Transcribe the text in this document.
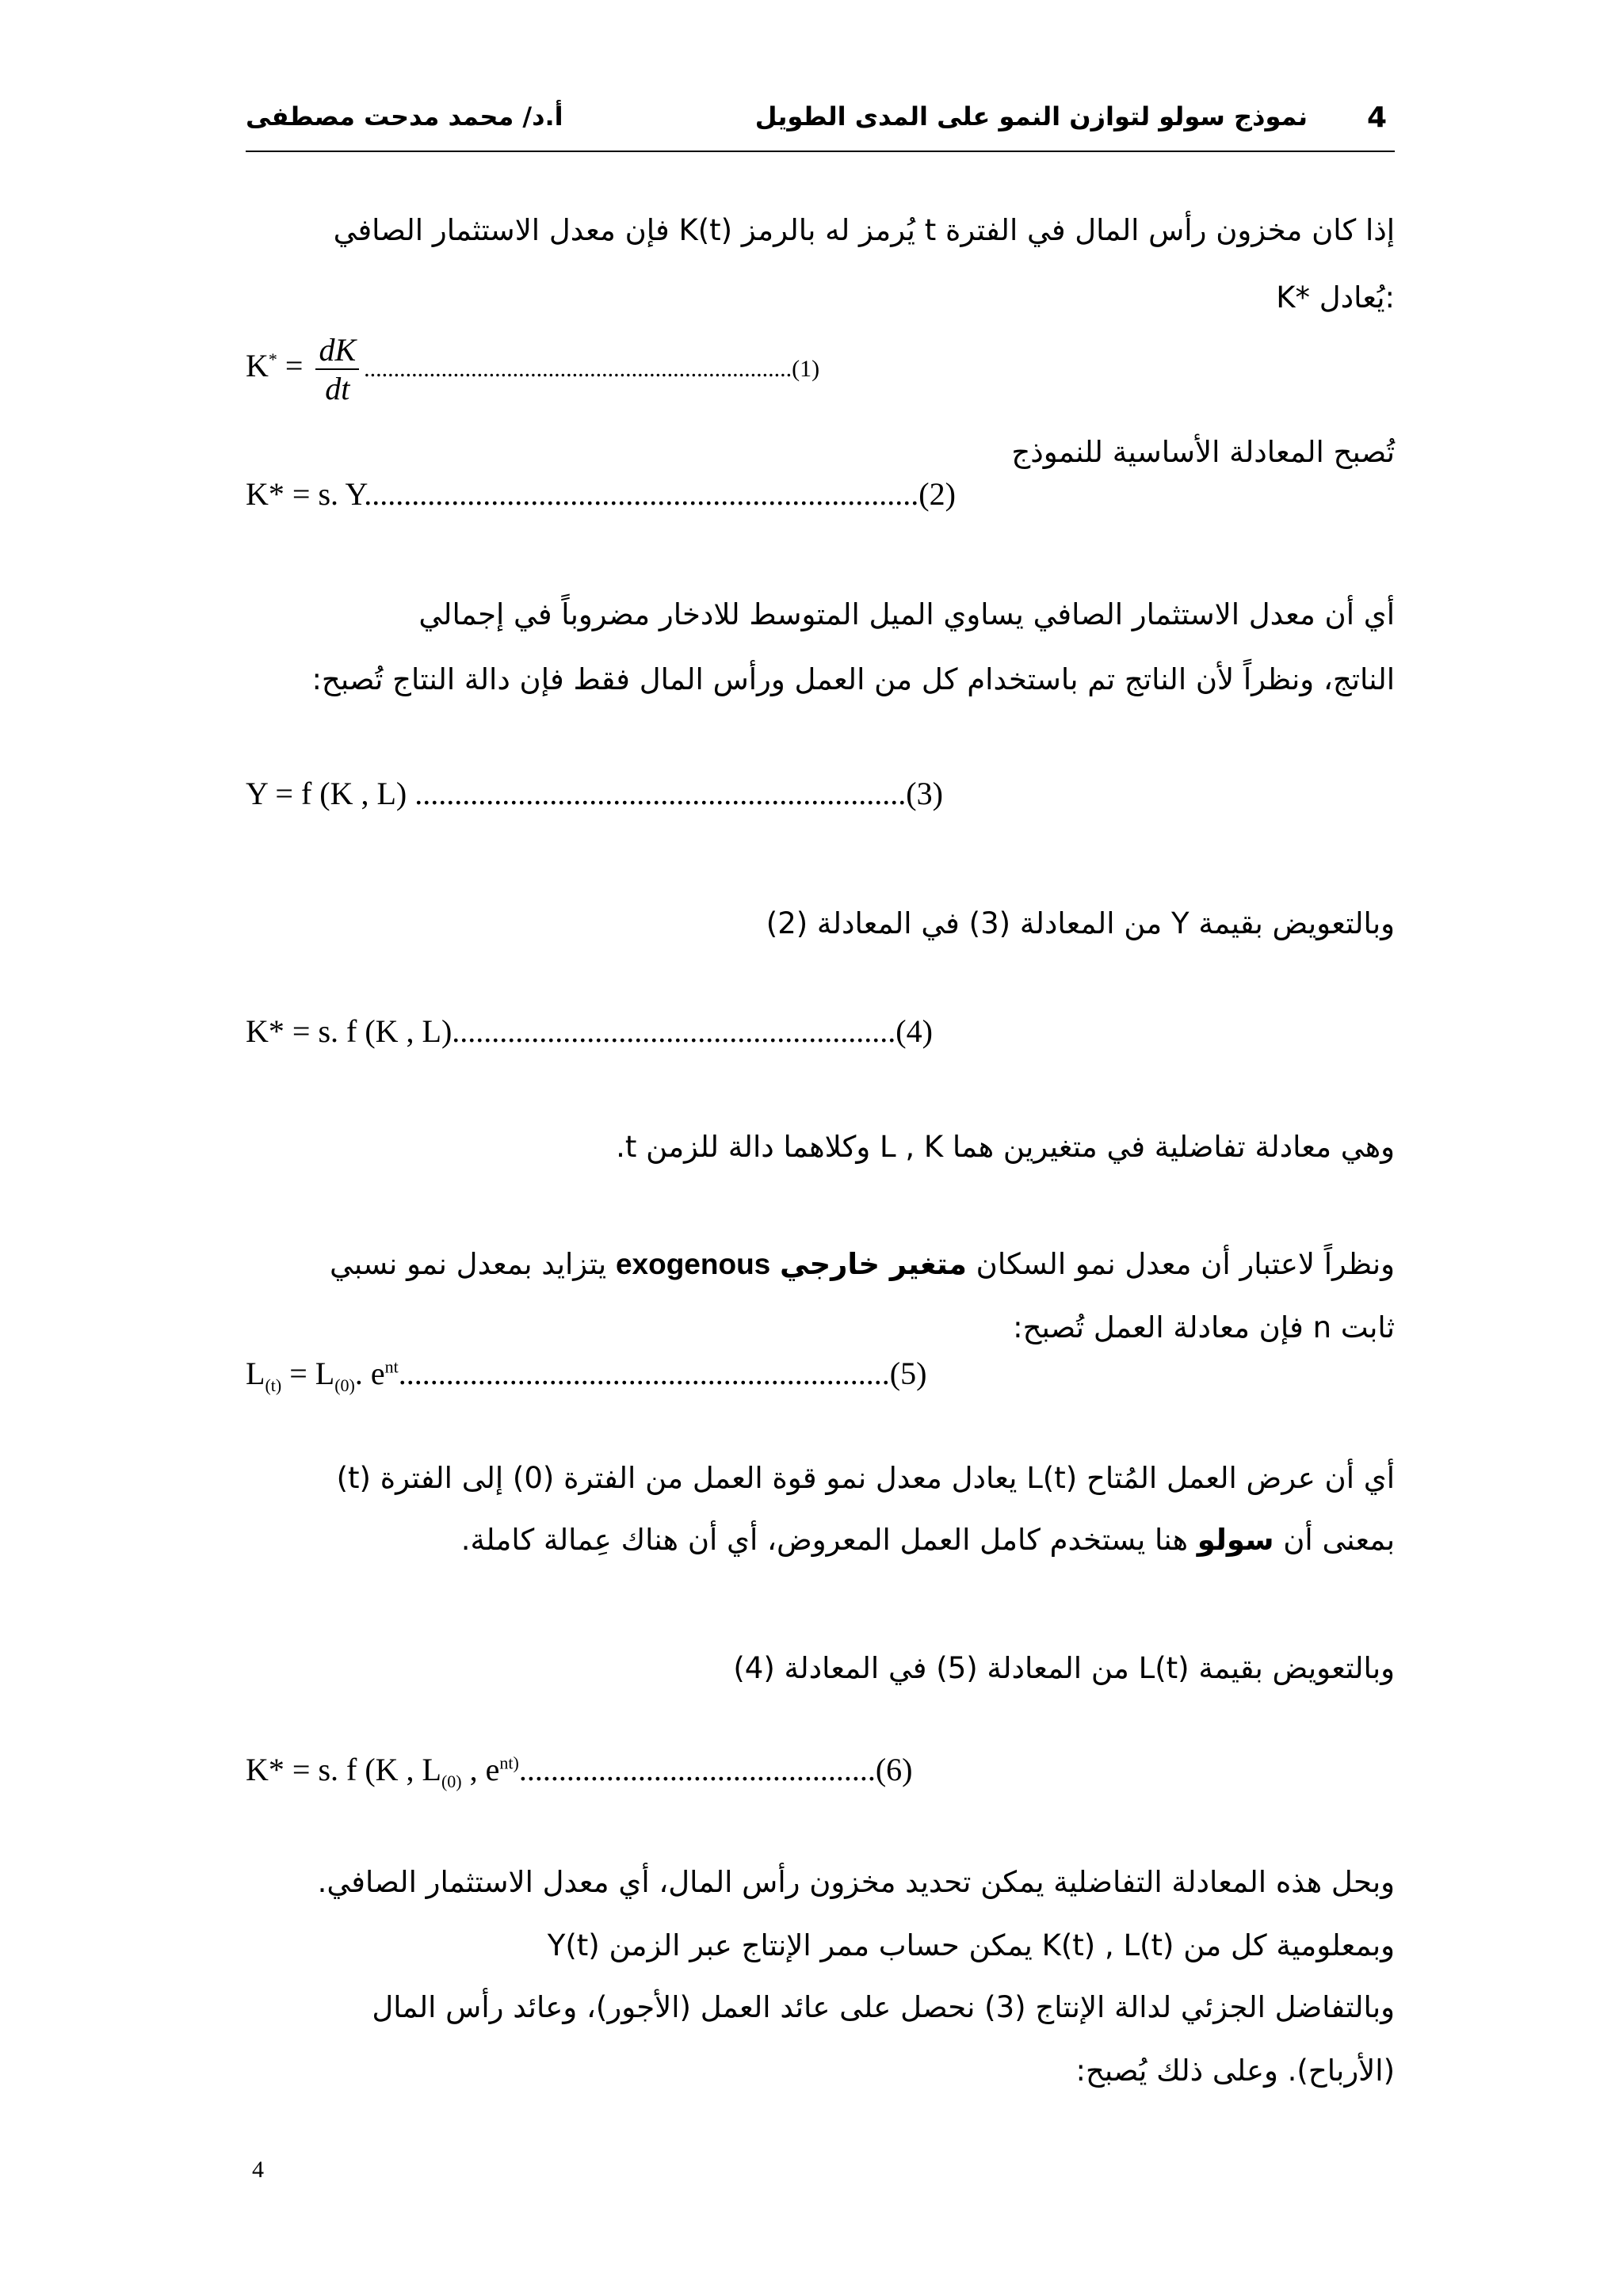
أ.د/ محمد مدحت مصطفى	نموذج سولو لتوازن النمو على المدى الطويل 4
إذا كان مخزون رأس المال في الفترة t يُرمز له بالرمز K(t) فإن معدل الاستثمار الصافي
K* يُعادل:
$K^* = \frac{dK}{dt} ........................................................................(1)$
تُصبح المعادلة الأساسية للنموذج
K* = s. Y......................................................................(2)
أي أن معدل الاستثمار الصافي يساوي الميل المتوسط للادخار مضروباً في إجمالي
الناتج، ونظراً لأن الناتج تم باستخدام كل من العمل ورأس المال فقط فإن دالة النتاج تُصبح:
Y = f (K , L) ..............................................................(3)
وبالتعويض بقيمة Y من المعادلة (3) في المعادلة (2)
K* = s. f (K , L)........................................................(4)
وهي معادلة تفاضلية في متغيرين هما L , K وكلاهما دالة للزمن t.
ونظراً لاعتبار أن معدل نمو السكان متغير خارجي exogenous يتزايد بمعدل نمو نسبي
ثابت n فإن معادلة العمل تُصبح:
$L_{(t)} = L_{(0)}$. $e^{nt}..............................................................(5)$
أي أن عرض العمل المُتاح L(t) يعادل معدل نمو قوة العمل من الفترة (0) إلى الفترة (t)
بمعنى أن سولو هنا يستخدم كامل العمل المعروض، أي أن هناك عِمالة كاملة.
وبالتعويض بقيمة L(t) من المعادلة (5) في المعادلة (4)
K* = s. f (K , $L_{(0)}$ , $e^{nt)}.............................................(6)$
وبحل هذه المعادلة التفاضلية يمكن تحديد مخزون رأس المال، أي معدل الاستثمار الصافي.
وبمعلومية كل من K(t) , L(t) يمكن حساب ممر الإنتاج عبر الزمن Y(t)
وبالتفاضل الجزئي لدالة الإنتاج (3) نحصل على عائد العمل (الأجور)، وعائد رأس المال
(الأرباح). وعلى ذلك يُصبح:
4
